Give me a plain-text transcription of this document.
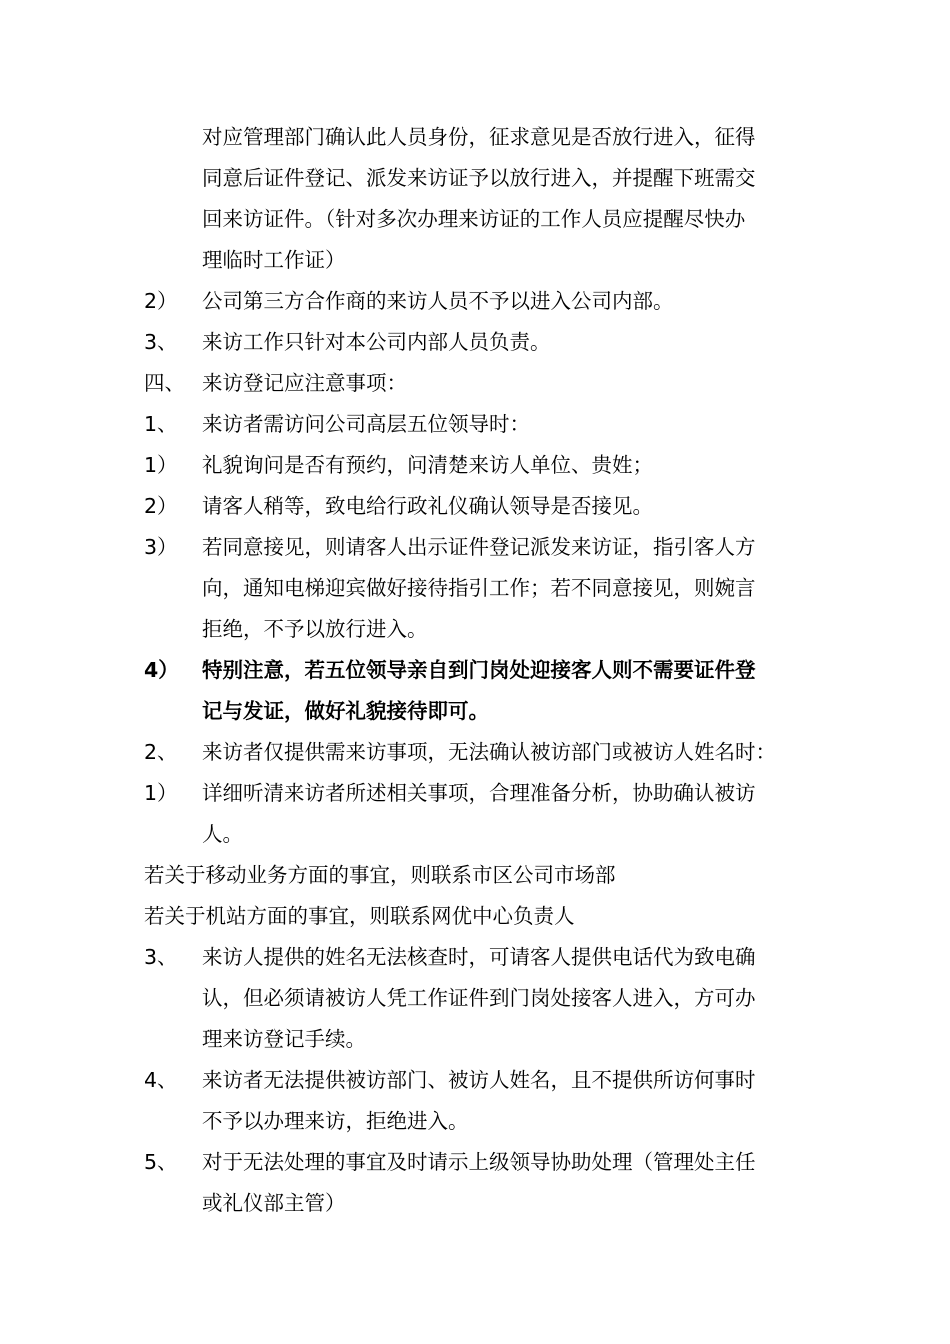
对应管理部门确认此人员身份，征求意见是否放行进入，征得
同意后证件登记、派发来访证予以放行进入，并提醒下班需交
回来访证件。（针对多次办理来访证的工作人员应提醒尽快办
理临时工作证）
2） 公司第三方合作商的来访人员不予以进入公司内部。
3、 来访工作只针对本公司内部人员负责。
四、 来访登记应注意事项：
1、 来访者需访问公司高层五位领导时：
1） 礼貌询问是否有预约，问清楚来访人单位、贵姓；
2） 请客人稍等，致电给行政礼仪确认领导是否接见。
3） 若同意接见，则请客人出示证件登记派发来访证，指引客人方
向，通知电梯迎宾做好接待指引工作；若不同意接见，则婉言
拒绝，不予以放行进入。
4） 特别注意，若五位领导亲自到门岗处迎接客人则不需要证件登
记与发证，做好礼貌接待即可。
2、 来访者仅提供需来访事项，无法确认被访部门或被访人姓名时：
1） 详细听清来访者所述相关事项，合理准备分析，协助确认被访
人。
若关于移动业务方面的事宜，则联系市区公司市场部
若关于机站方面的事宜，则联系网优中心负责人
3、 来访人提供的姓名无法核查时，可请客人提供电话代为致电确
认，但必须请被访人凭工作证件到门岗处接客人进入，方可办
理来访登记手续。
4、 来访者无法提供被访部门、被访人姓名，且不提供所访何事时
不予以办理来访，拒绝进入。
5、 对于无法处理的事宜及时请示上级领导协助处理（管理处主任
或礼仪部主管）
